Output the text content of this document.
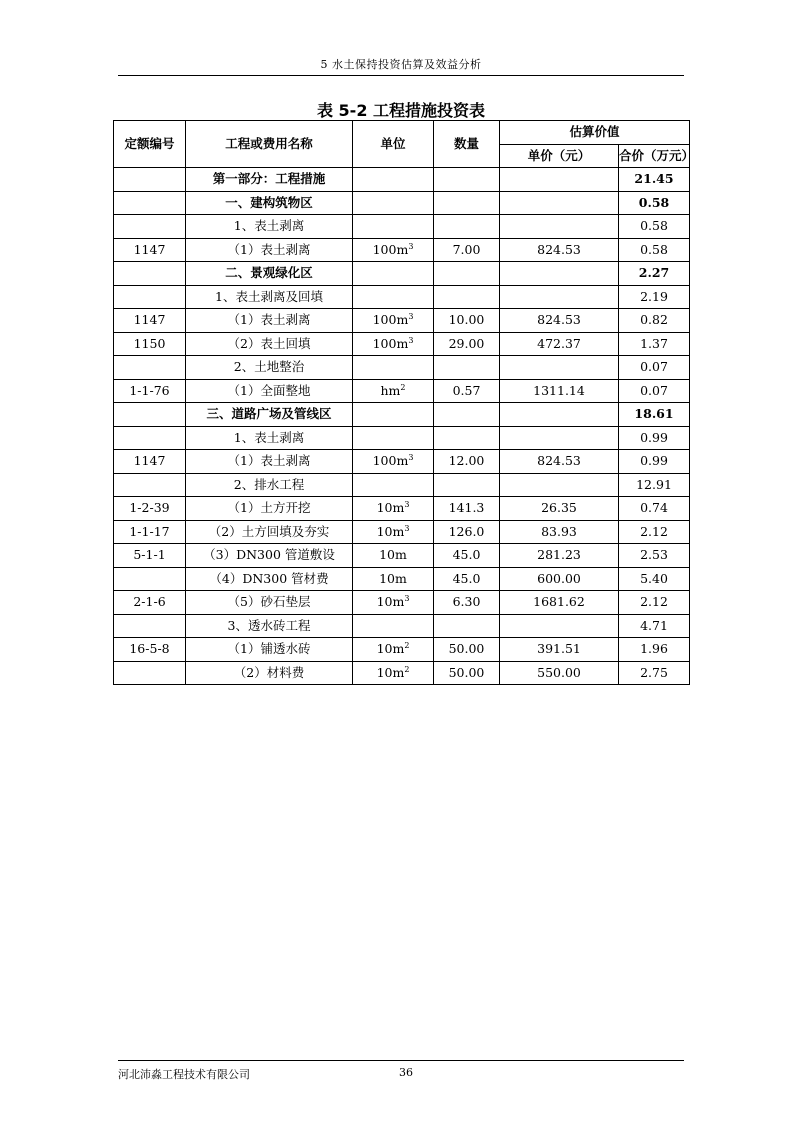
5 水土保持投资估算及效益分析
表 5-2 工程措施投资表
定额编号	工程或费用名称	单位	数量	估算价值	
				单价（元）	合价（万元）
	第一部分：工程措施				21.45
	一、建构筑物区				0.58
	1、表土剥离				0.58
1147	（1）表土剥离	$100m^3$	7.00	824.53	0.58
	二、景观绿化区				2.27
	1、表土剥离及回填				2.19
1147	（1）表土剥离	$100m^3$	10.00	824.53	0.82
1150	（2）表土回填	$100m^3$	29.00	472.37	1.37
	2、土地整治				0.07
1-1-76	（1）全面整地	$hm^2$	0.57	1311.14	0.07
	三、道路广场及管线区				18.61
	1、表土剥离				0.99
1147	（1）表土剥离	$100m^3$	12.00	824.53	0.99
	2、排水工程				12.91
1-2-39	（1）土方开挖	$10m^3$	141.3	26.35	0.74
1-1-17	（2）土方回填及夯实	$10m^3$	126.0	83.93	2.12
5-1-1	（3）DN300 管道敷设	10m	45.0	281.23	2.53
	（4）DN300 管材费	10m	45.0	600.00	5.40
2-1-6	（5）砂石垫层	$10m^3$	6.30	1681.62	2.12
	3、透水砖工程				4.71
16-5-8	（1）铺透水砖	$10m^2$	50.00	391.51	1.96
	（2）材料费	$10m^2$	50.00	550.00	2.75
河北沛淼工程技术有限公司	36
